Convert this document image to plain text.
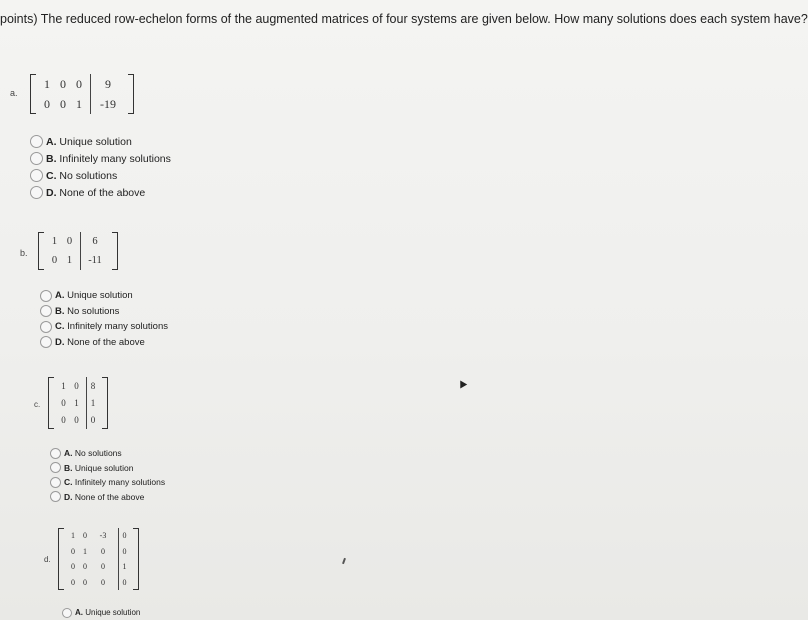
points) The reduced row-echelon forms of the augmented matrices of four systems are given below. How many solutions does each system have?
a.
1
0
0
0
0
1
9
-19
A. Unique solution
B. Infinitely many solutions
C. No solutions
D. None of the above
b.
1
0
0
1
6
-11
A. Unique solution
B. No solutions
C. Infinitely many solutions
D. None of the above
c.
1
0
0
0
1
0
8
1
0
A. No solutions
B. Unique solution
C. Infinitely many solutions
D. None of the above
d.
1
0
0
0
0
1
0
0
-3
0
0
0
0
0
1
0
A. Unique solution
